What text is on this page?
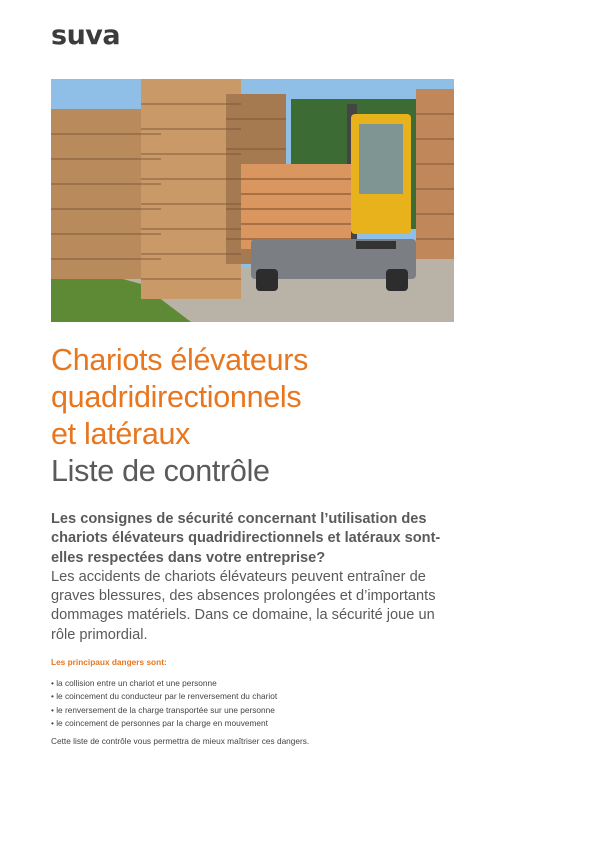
suva
Chariots élévateurs
quadridirectionnels
et latéraux
Liste de contrôle
Les consignes de sécurité concernant l’utilisation des chariots élévateurs quadridirectionnels et latéraux sont-elles respectées dans votre entreprise?
Les accidents de chariots élévateurs peuvent entraîner de graves blessures, des absences prolongées et d’importants dommages matériels. Dans ce domaine, la sécurité joue un rôle primordial.
Les principaux dangers sont:
• la collision entre un chariot et une personne
• le coincement du conducteur par le renversement du chariot
• le renversement de la charge transportée sur une personne
• le coincement de personnes par la charge en mouvement
Cette liste de contrôle vous permettra de mieux maîtriser ces dangers.
